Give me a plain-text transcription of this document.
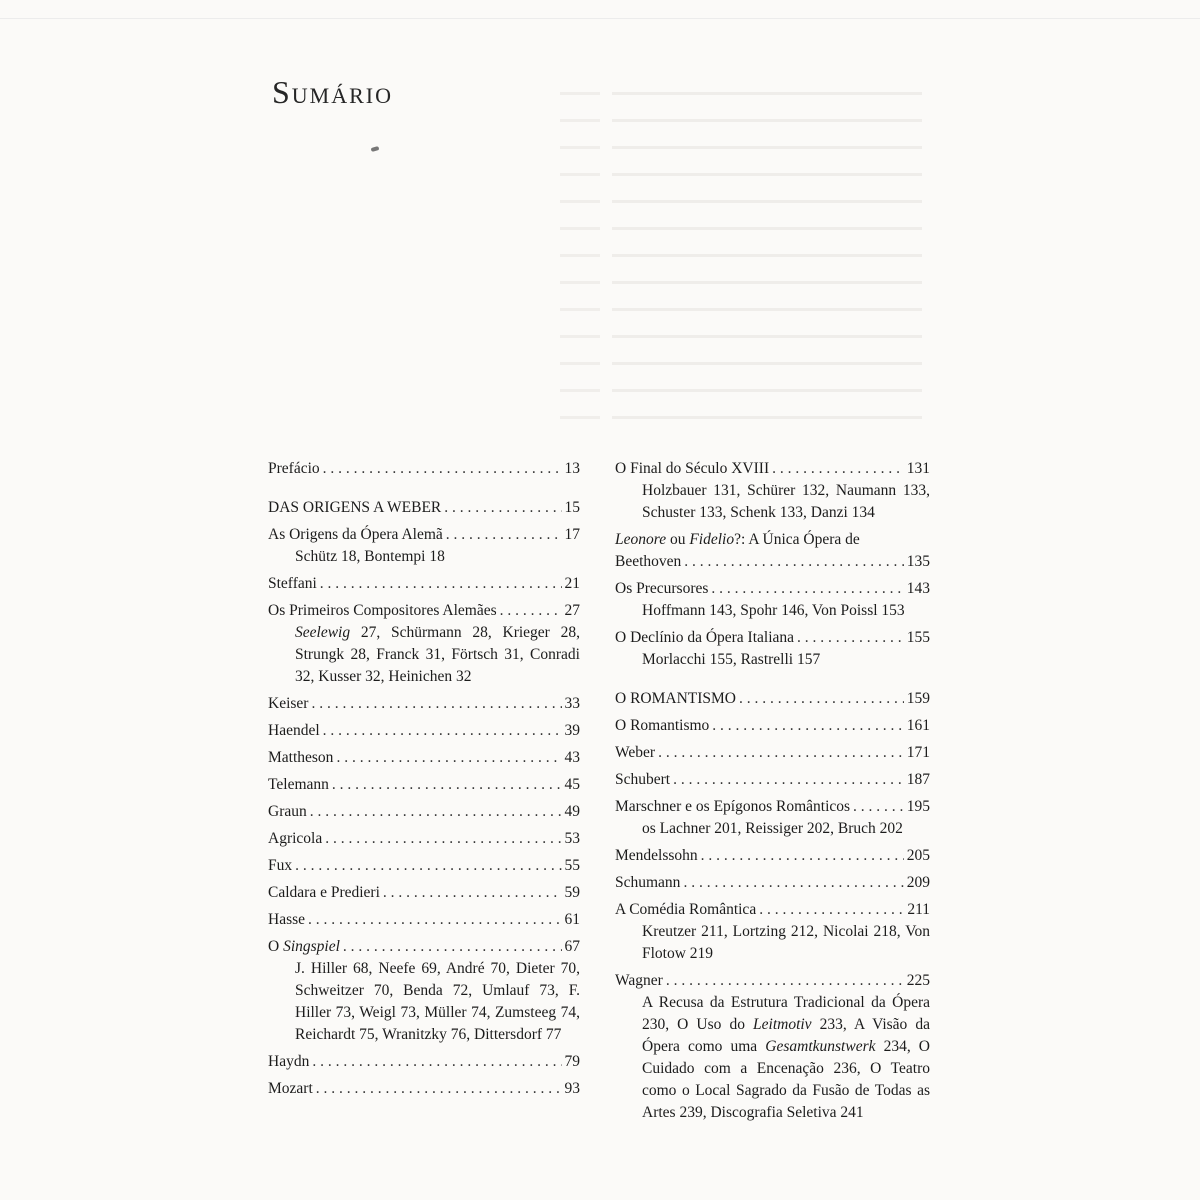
Sumário
Prefácio . . .	13
DAS ORIGENS A WEBER . . .	15
As Origens da Ópera Alemã . . .	17
Schütz 18, Bontempi 18
Steffani . . .	21
Os Primeiros Compositores Alemães . . .	27
Seelewig 27, Schürmann 28, Krieger 28, Strungk 28, Franck 31, Förtsch 31, Conradi 32, Kusser 32, Heinichen 32
Keiser . . .	33
Haendel . . .	39
Mattheson . . .	43
Telemann . . .	45
Graun . . .	49
Agricola . . .	53
Fux . . .	55
Caldara e Predieri . . .	59
Hasse . . .	61
O Singspiel . . .	67
J. Hiller 68, Neefe 69, André 70, Dieter 70, Schweitzer 70, Benda 72, Umlauf 73, F. Hiller 73, Weigl 73, Müller 74, Zumsteeg 74, Reichardt 75, Wranitzky 76, Dittersdorf 77
Haydn . . .	79
Mozart . . .	93
O Final do Século XVIII . . .	131
Holzbauer 131, Schürer 132, Naumann 133, Schuster 133, Schenk 133, Danzi 134
Leonore ou Fidelio?: A Única Ópera de
Beethoven . . .	135
Os Precursores . . .	143
Hoffmann 143, Spohr 146, Von Poissl 153
O Declínio da Ópera Italiana . . .	155
Morlacchi 155, Rastrelli 157
O ROMANTISMO . . .	159
O Romantismo . . .	161
Weber . . .	171
Schubert . . .	187
Marschner e os Epígonos Românticos . . .	195
os Lachner 201, Reissiger 202, Bruch 202
Mendelssohn . . .	205
Schumann . . .	209
A Comédia Romântica . . .	211
Kreutzer 211, Lortzing 212, Nicolai 218, Von Flotow 219
Wagner . . .	225
A Recusa da Estrutura Tradicional da Ópera 230, O Uso do Leitmotiv 233, A Visão da Ópera como uma Gesamtkunstwerk 234, O Cuidado com a Encenação 236, O Teatro como o Local Sagrado da Fusão de Todas as Artes 239, Discografia Seletiva 241
